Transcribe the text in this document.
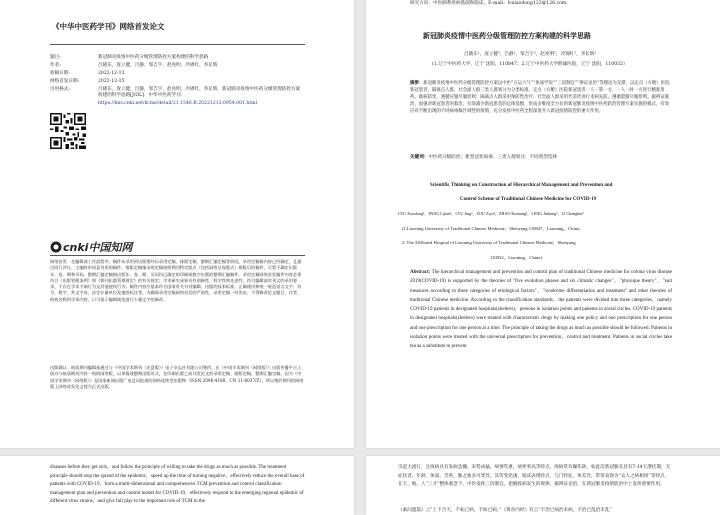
《中华中医药学刊》网络首发论文

题目:	新冠肺炎疫情中医药分级管理防控方案构建的科学思路

作者:	吕晓东，庞立健，吕静，邹吉宇，赵亮明，冷锦红，李长辉

收稿日期:	2022-12-13

网络首发日期:	2022-12-15

引用格式:	吕晓东，庞立健，吕静，邹吉宇，赵亮明，冷锦红，李长辉．新冠肺炎疫情中医药分级管理防控方案构建的科学思路[J/OL]．中华中医药学刊．

https://kns.cnki.net/kcms/detail/21.1546.R.20221213.0954.001.html

cnki中国知网

网络首发：在编辑部工作流程中，稿件从录用到出版要经历录用定稿、排版定稿、整期汇编定稿等阶段。录用定稿指内容已经确定，且通过同行评议、主编终审同意刊用的稿件。排版定稿指录用定稿按照期刊特定版式（包括网络呈现版式）排版后的稿件，可暂不确定出版年、卷、期和页码。整期汇编定稿指出版年、卷、期、页码均已确定的印刷或数字出版的整期汇编稿件。录用定稿网络首发稿件内容必须符合《出版管理条例》和《期刊出版管理规定》的有关规定；学术研究成果具有创新性、科学性和先进性，符合编辑部对刊文的录用要求，不存在学术不端行为及其他侵权行为；稿件内容应基本符合国家有关书刊编辑、出版的技术标准，正确使用和统一规范语言文字、符号、数字、外文字母、法定计量单位及地图标注等。为确保录用定稿网络首发的严肃性，录用定稿一经发布，不得修改论文题目、作者、机构名称和学术内容，只可基于编辑规范进行少量文字的修改。

出版确认：纸质期刊编辑部通过与《中国学术期刊（光盘版）》电子杂志社有限公司签约，在《中国学术期刊（网络版）》出版传播平台上创办与纸质期刊内容一致的网络版，以单篇或整期出版形式，在印刷出版之前刊发论文的录用定稿、排版定稿、整期汇编定稿。因为《中国学术期刊（网络版）》是国家新闻出版广电总局批准的网络连续型出版物（ISSN 2096-4188，CN 11-6037/Z），所以签约期刊的网络版上网络首发论文视为正式出版。

研究方向：中医肺系疾病基础和临床。E-mail：lvxiaodong123@126.com

新冠肺炎疫情中医药分级管理防控方案构建的科学思路

吕晓东¹，庞立健²，吕静²，邹吉宇²，赵亮明²，冷锦红²，李长辉²

(1.辽宁中医药大学，辽宁 沈阳，110847；2.辽宁中医药大学附属医院，辽宁 沈阳，110032）

摘要：新冠肺炎疫情中医药分级管理防控方案以中医“五运六气”“体质学说”“三因制宜”“辨证论治”等理论为支撑，以定点（方舱）医院新冠患者，隔离点人群，社会面人群三类人群划分为分类标准，定点（方舱）医院新冠患者一人一策一方，一人一时一方进行精准用药。既病防变，遵循应服尽服原则；隔离点人群采用预防性治疗，社会面人群采用代茶饮进行未病先防，遵循愿服尽服原则。据辨证施治，加强对新冠患者的救治，有效减少新冠患者的总体基数，形成多维度全方位的新冠肺炎疫情中医药防治管理方案实施的模式，有效应对不断出现的不同病毒株区域性的疫情，充分发挥中医药全程深度介入新冠疫情防控的重大作用。

关键词：中医药分级防控；新型冠状病毒；三类人群划分；不同剂型选择

Scientific Thinking on Construction of Hierarchical Management and Prevention and

Control Scheme of Traditional Chinese Medicine for COVID-19

LYU Xiaodong¹，PANG Lijian²，LYU Jing²，ZOU Ziyu²，ZHAO Kuiming²，LENG Jinhong²，LI Changhui²

(1.Liaoning University of Traditional Chinese Medicine，Shenyang 110847，Liaoning，China；

2. The Affiliated Hospital of Liaoning University of Traditional Chinese Medicine，Shenyang

110032，Liaoning，China)

Abstract: The hierarchical management and prevention and control plan of traditional Chinese medicine for corona virus disease 2019(COVID-19) is supported by the theories of "five evolution phases and six climatic changes"，"physique theory"，"suit measures according to three categories of etiological factors"，"syndrome differentiation and treatment" and other theories of traditional Chinese medicine. According to the classification standards，the patients were divided into three categories，namely COVID-19 patients in designated hospitals(shelters)，persons in isolation points and patients in social circles. COVID-19 patients in designated hospitals(shelters) were treated with characteristic drugs by making one policy and one prescription for one person and one prescription for one person at a time. The principle of taking the drugs as much as possible should be followed. Patients in isolation points were treated with the universal prescription for prevention，control and treatment. Patients in social circles take tea as a substitute to prevent

diseases before they get sick，and follow the principle of willing to take the drugs as much as possible. The treatment principle should stop the spread of the epidemic，speed up the time of turning negative，effectively reduce the overall base of patients with COVID-19，form a multi-dimensional and comprehensive TCM prevention and control classification management plan and prevention and control model for COVID-19，effectively respond to the emerging regional epidemic of different virus strains，and give full play to the important role of TCM in the

引起大流行，且疫病具有发病急骤、来势凶猛、病情笃重、病死率高等特点。疫病常有燥伤劫，如此次新冠肺炎具有7-14天潜伏期，无症状者，年龄、体质、舌苔、脉之象多可变异。其传变迅速，临床表现特点，与门特征，体差异，常常表现为“众人之病相同”等特点，在天、地、人“三才”整体观念下，中医发挥三因制宜，把握疫病发生的规律，据辨证论治，在新冠肺炎疫情防治中上发挥重要作用。

《素问遗篇》云“上下合天、不如己病，不如已病。”《黄帝内经》有云“不治已病治未病，不治已乱治未乱”
